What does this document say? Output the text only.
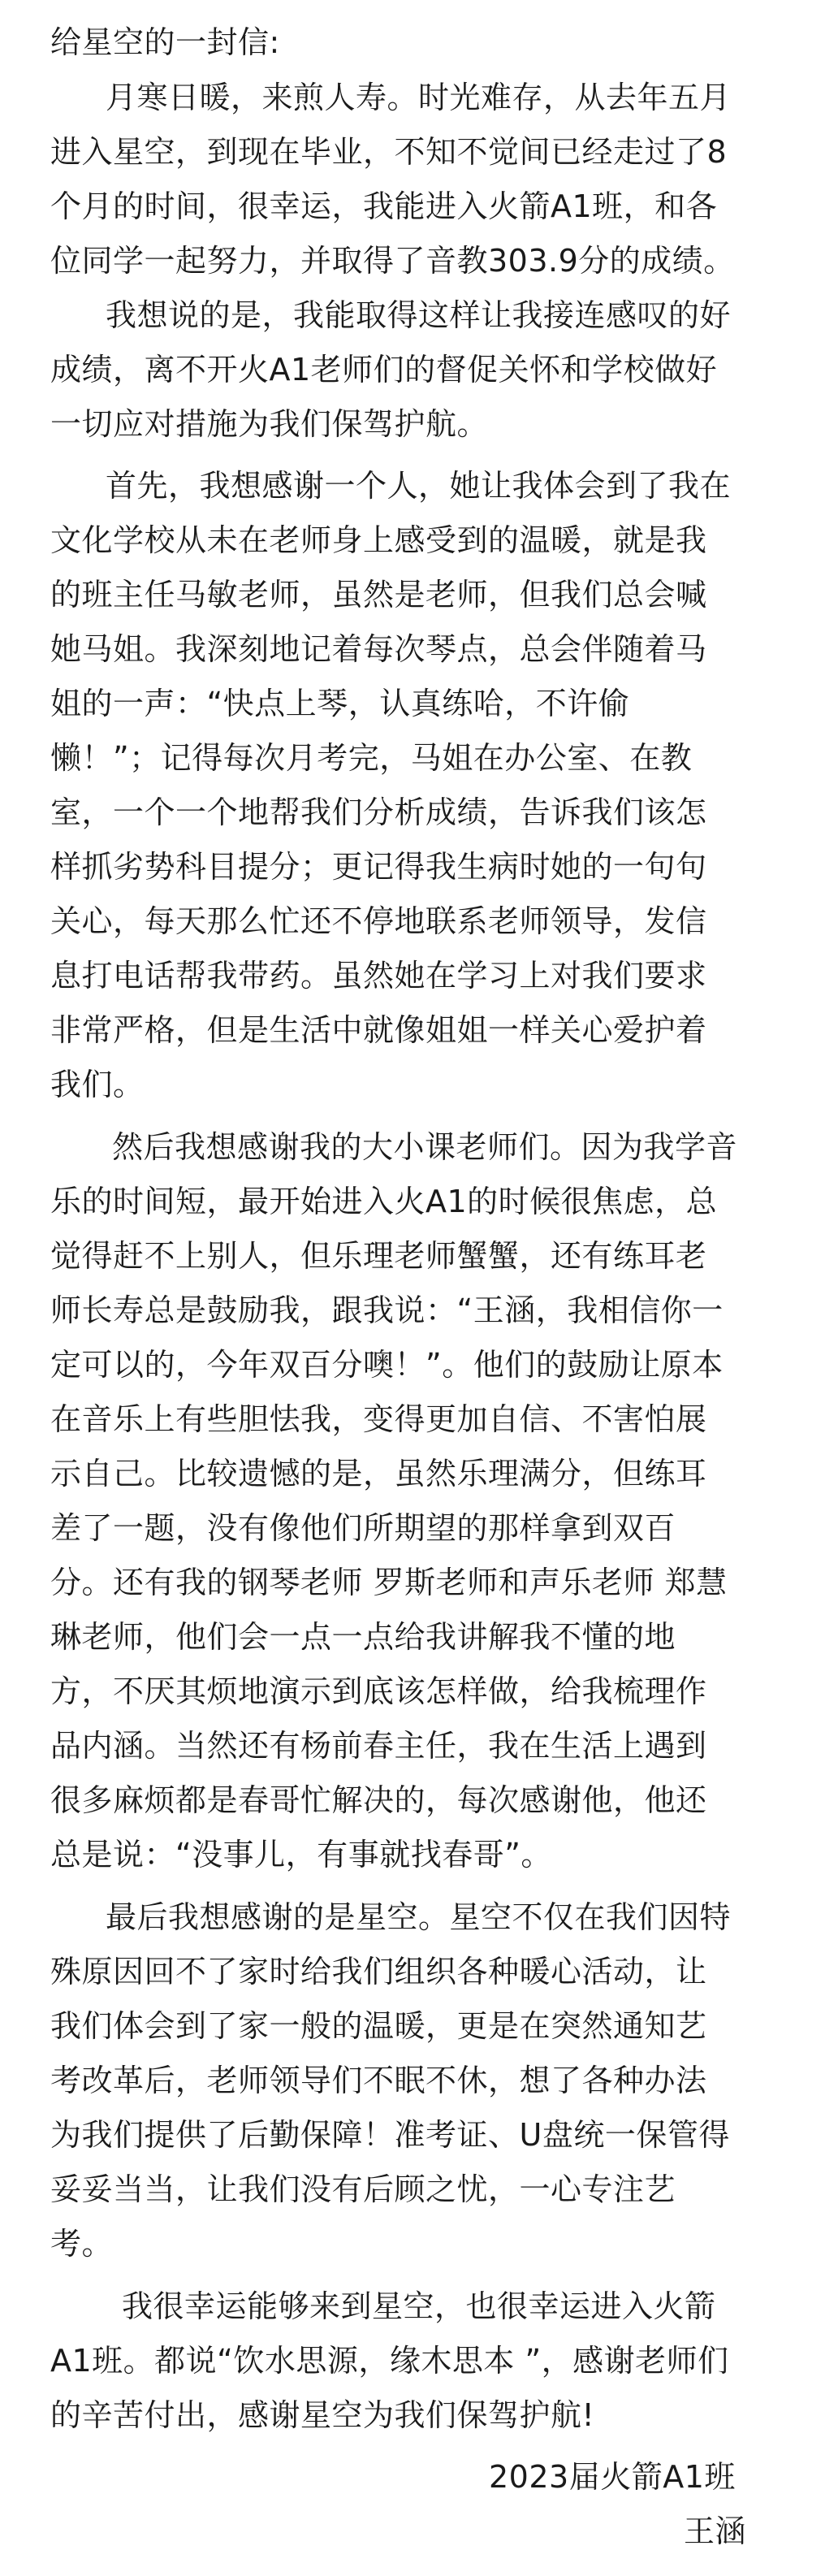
给星空的一封信:
月寒日暖，来煎人寿。时光难存，从去年五月
进入星空，到现在毕业，不知不觉间已经走过了8
个月的时间，很幸运，我能进入火箭A1班，和各
位同学一起努力，并取得了音教303.9分的成绩。
我想说的是，我能取得这样让我接连感叹的好
成绩，离不开火A1老师们的督促关怀和学校做好
一切应对措施为我们保驾护航。
首先，我想感谢一个人，她让我体会到了我在
文化学校从未在老师身上感受到的温暖，就是我
的班主任马敏老师，虽然是老师，但我们总会喊
她马姐。我深刻地记着每次琴点，总会伴随着马
姐的一声：“快点上琴，认真练哈，不许偷
懒！”；记得每次月考完，马姐在办公室、在教
室，一个一个地帮我们分析成绩，告诉我们该怎
样抓劣势科目提分；更记得我生病时她的一句句
关心，每天那么忙还不停地联系老师领导，发信
息打电话帮我带药。虽然她在学习上对我们要求
非常严格，但是生活中就像姐姐一样关心爱护着
我们。
然后我想感谢我的大小课老师们。因为我学音
乐的时间短，最开始进入火A1的时候很焦虑，总
觉得赶不上别人，但乐理老师蟹蟹，还有练耳老
师长寿总是鼓励我，跟我说：“王涵，我相信你一
定可以的，今年双百分噢！”。他们的鼓励让原本
在音乐上有些胆怯我，变得更加自信、不害怕展
示自己。比较遗憾的是，虽然乐理满分，但练耳
差了一题，没有像他们所期望的那样拿到双百
分。还有我的钢琴老师 罗斯老师和声乐老师 郑慧
琳老师，他们会一点一点给我讲解我不懂的地
方，不厌其烦地演示到底该怎样做，给我梳理作
品内涵。当然还有杨前春主任，我在生活上遇到
很多麻烦都是春哥忙解决的，每次感谢他，他还
总是说：“没事儿，有事就找春哥”。
最后我想感谢的是星空。星空不仅在我们因特
殊原因回不了家时给我们组织各种暖心活动，让
我们体会到了家一般的温暖，更是在突然通知艺
考改革后，老师领导们不眠不休，想了各种办法
为我们提供了后勤保障！准考证、U盘统一保管得
妥妥当当，让我们没有后顾之忧，一心专注艺
考。
我很幸运能够来到星空，也很幸运进入火箭
A1班。都说“饮水思源，缘木思本 ”，感谢老师们
的辛苦付出，感谢星空为我们保驾护航!
2023届火箭A1班
王涵
